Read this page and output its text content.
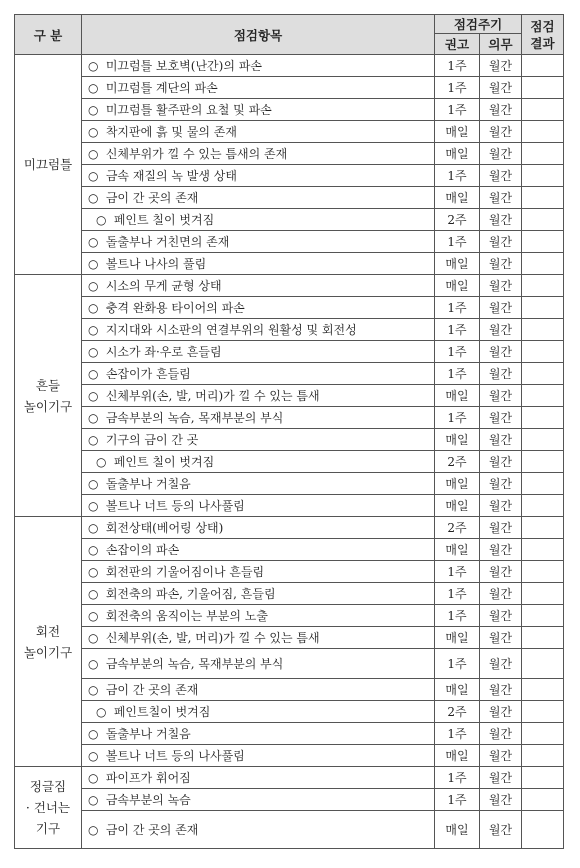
구 분	점검항목	점검주기		점검
결과
		권고	의무	
미끄럼틀	○ 미끄럼틀 보호벽(난간)의 파손	1주	월간	
	○ 미끄럼틀 계단의 파손	1주	월간	
	○ 미끄럼틀 활주판의 요철 및 파손	1주	월간	
	○ 착지판에 흙 및 물의 존재	매일	월간	
	○ 신체부위가 낄 수 있는 틈새의 존재	매일	월간	
	○ 금속 재질의 녹 발생 상태	1주	월간	
	○ 금이 간 곳의 존재	매일	월간	
	○ 페인트 칠이 벗겨짐	2주	월간	
	○ 돌출부나 거친면의 존재	1주	월간	
	○ 볼트나 나사의 풀림	매일	월간	
흔들
놀이기구	○ 시소의 무게 균형 상태	매일	월간	
	○ 충격 완화용 타이어의 파손	1주	월간	
	○ 지지대와 시소판의 연결부위의 원활성 및 회전성	1주	월간	
	○ 시소가 좌·우로 흔들림	1주	월간	
	○ 손잡이가 흔들림	1주	월간	
	○ 신체부위(손, 발, 머리)가 낄 수 있는 틈새	매일	월간	
	○ 금속부분의 녹슴, 목재부분의 부식	1주	월간	
	○ 기구의 금이 간 곳	매일	월간	
	○ 페인트 칠이 벗겨짐	2주	월간	
	○ 돌출부나 거칠음	매일	월간	
	○ 볼트나 너트 등의 나사풀림	매일	월간	
회전
놀이기구	○ 회전상태(베어링 상태)	2주	월간	
	○ 손잡이의 파손	매일	월간	
	○ 회전판의 기울어짐이나 흔들림	1주	월간	
	○ 회전축의 파손, 기울어짐, 흔들림	1주	월간	
	○ 회전축의 움직이는 부분의 노출	1주	월간	
	○ 신체부위(손, 발, 머리)가 낄 수 있는 틈새	매일	월간	
	○ 금속부분의 녹슴, 목재부분의 부식	1주	월간	
	○ 금이 간 곳의 존재	매일	월간	
	○ 페인트칠이 벗겨짐	2주	월간	
	○ 돌출부나 거칠음	1주	월간	
	○ 볼트나 너트 등의 나사풀림	매일	월간	
정글짐
· 건너는
기구	○ 파이프가 휘어짐	1주	월간	
	○ 금속부분의 녹슴	1주	월간	
	○ 금이 간 곳의 존재	매일	월간	
